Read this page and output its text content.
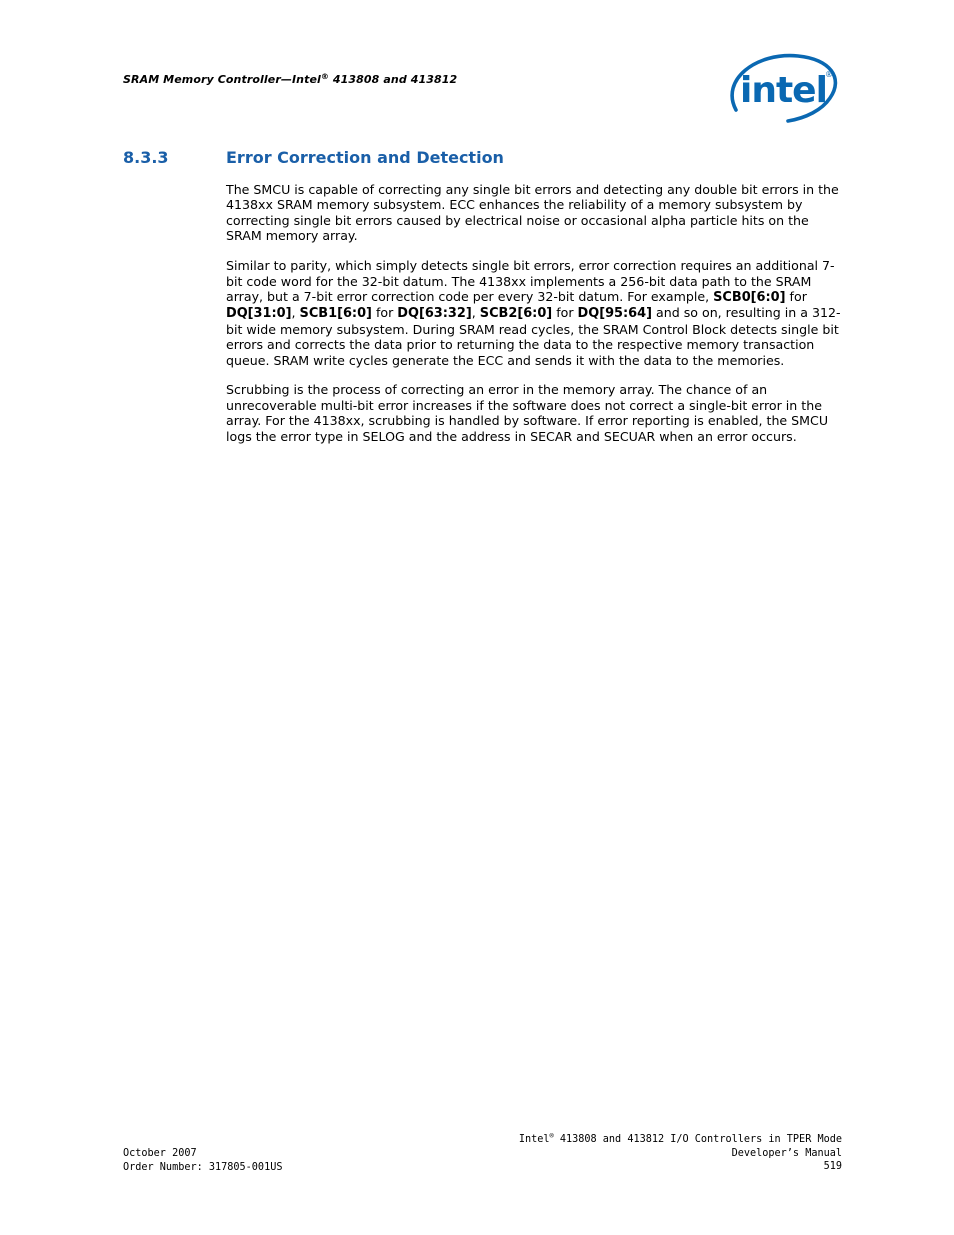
SRAM Memory Controller—Intel® 413808 and 413812	intel
®
8.3.3	Error Correction and Detection

The SMCU is capable of correcting any single bit errors and detecting any double bit errors in the 4138xx SRAM memory subsystem. ECC enhances the reliability of a memory subsystem by correcting single bit errors caused by electrical noise or occasional alpha particle hits on the SRAM memory array.

Similar to parity, which simply detects single bit errors, error correction requires an additional 7-bit code word for the 32-bit datum. The 4138xx implements a 256-bit data path to the SRAM array, but a 7-bit error correction code per every 32-bit datum. For example, SCB0[6:0] for DQ[31:0], SCB1[6:0] for DQ[63:32], SCB2[6:0] for DQ[95:64] and so on, resulting in a 312-bit wide memory subsystem. During SRAM read cycles, the SRAM Control Block detects single bit errors and corrects the data prior to returning the data to the respective memory transaction queue. SRAM write cycles generate the ECC and sends it with the data to the memories.

Scrubbing is the process of correcting an error in the memory array. The chance of an unrecoverable multi-bit error increases if the software does not correct a single-bit error in the array. For the 4138xx, scrubbing is handled by software. If error reporting is enabled, the SMCU logs the error type in SELOG and the address in SECAR and SECUAR when an error occurs.

October 2007
Order Number: 317805-001US
Intel® 413808 and 413812 I/O Controllers in TPER Mode
Developer’s Manual
519
